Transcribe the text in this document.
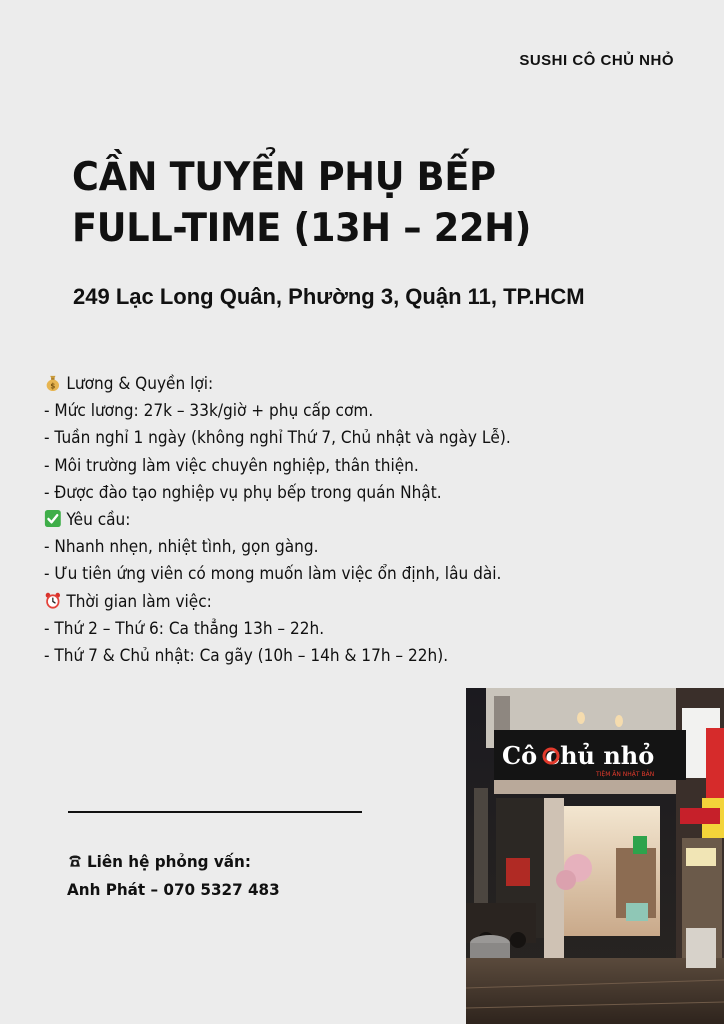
SUSHI CÔ CHỦ NHỎ
CẦN TUYỂN PHỤ BẾP
FULL-TIME (13H – 22H)
249 Lạc Long Quân, Phường 3, Quận 11, TP.HCM
$ Lương & Quyền lợi:
- Mức lương: 27k – 33k/giờ + phụ cấp cơm.
- Tuần nghỉ 1 ngày (không nghỉ Thứ 7, Chủ nhật và ngày Lễ).
- Môi trường làm việc chuyên nghiệp, thân thiện.
- Được đào tạo nghiệp vụ phụ bếp trong quán Nhật.
Yêu cầu:
- Nhanh nhẹn, nhiệt tình, gọn gàng.
- Ưu tiên ứng viên có mong muốn làm việc ổn định, lâu dài.
Thời gian làm việc:
- Thứ 2 – Thứ 6: Ca thẳng 13h – 22h.
- Thứ 7 & Chủ nhật: Ca gãy (10h – 14h & 17h – 22h).
Liên hệ phỏng vấn:
Anh Phát – 070 5327 483
Cô chủ nhỏ
TIỆM ĂN NHẬT BẢN
